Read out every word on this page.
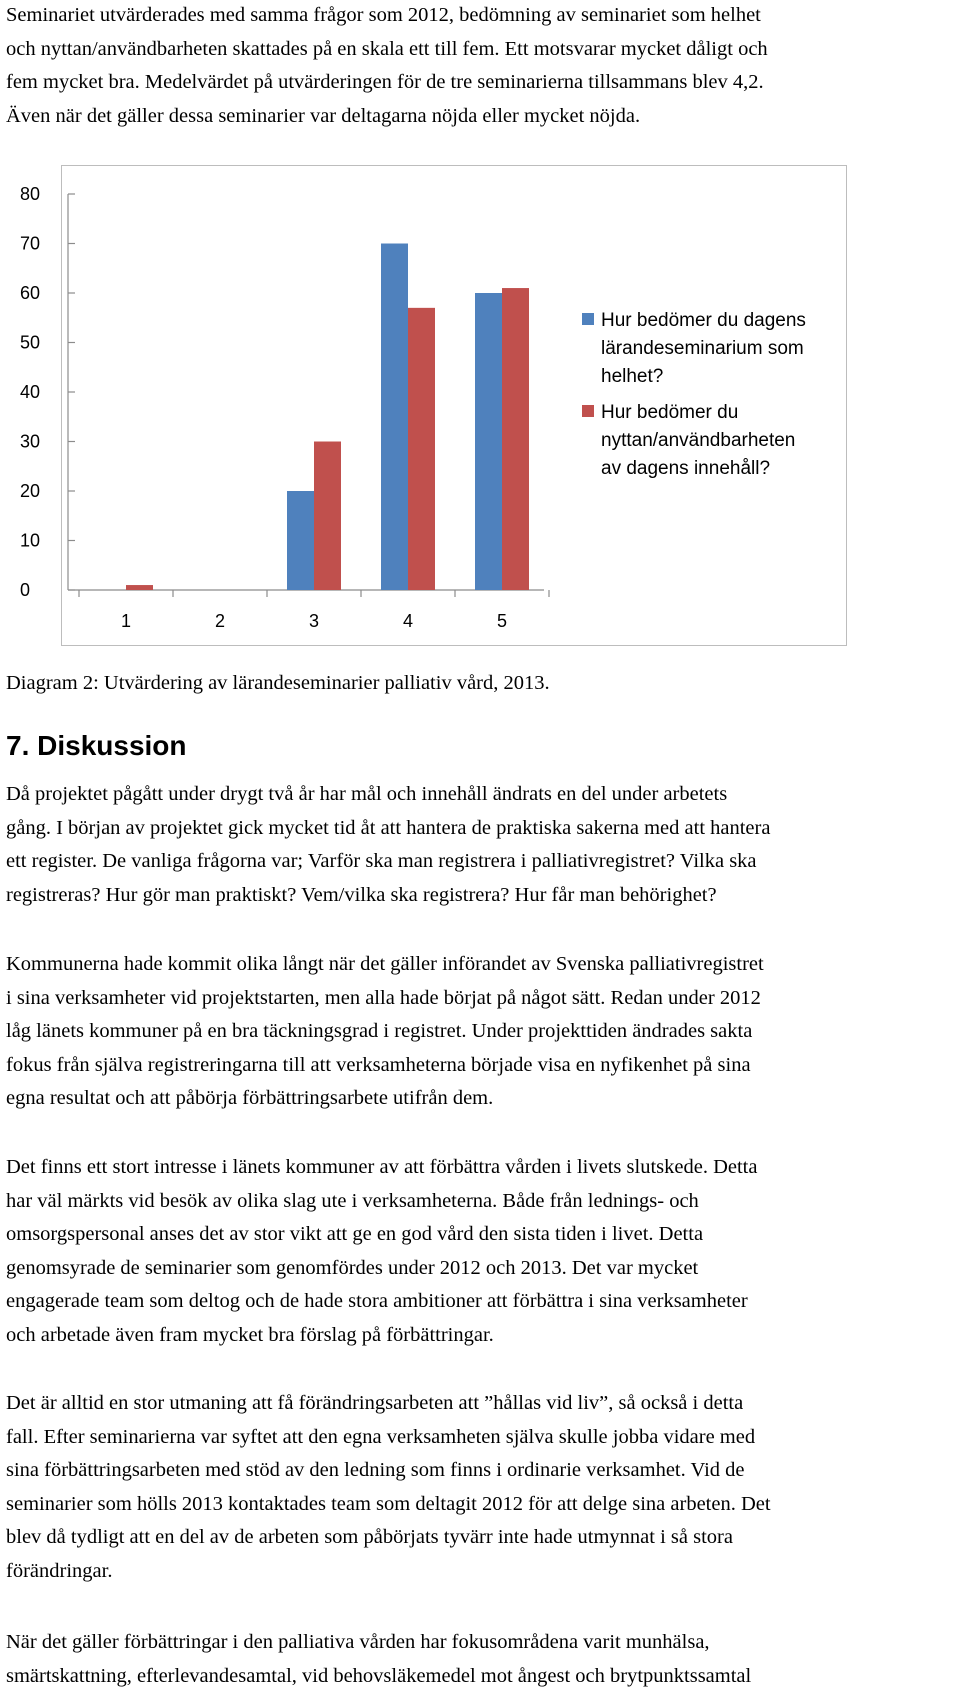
Seminariet utvärderades med samma frågor som 2012, bedömning av seminariet som helhet
och nyttan/användbarheten skattades på en skala ett till fem. Ett motsvarar mycket dåligt och
fem mycket bra. Medelvärdet på utvärderingen för de tre seminarierna tillsammans blev 4,2.
Även när det gäller dessa seminarier var deltagarna nöjda eller mycket nöjda.

0
10
20
30
40
50
60
70
80
1	2	3	4	5
Hur bedömer du dagens
lärandeseminarium som
helhet?
Hur bedömer du
nyttan/användbarheten
av dagens innehåll?

Diagram 2: Utvärdering av lärandeseminarier palliativ vård, 2013.

7. Diskussion

Då projektet pågått under drygt två år har mål och innehåll ändrats en del under arbetets
gång. I början av projektet gick mycket tid åt att hantera de praktiska sakerna med att hantera
ett register. De vanliga frågorna var; Varför ska man registrera i palliativregistret? Vilka ska
registreras? Hur gör man praktiskt? Vem/vilka ska registrera? Hur får man behörighet?

Kommunerna hade kommit olika långt när det gäller införandet av Svenska palliativregistret
i sina verksamheter vid projektstarten, men alla hade börjat på något sätt. Redan under 2012
låg länets kommuner på en bra täckningsgrad i registret. Under projekttiden ändrades sakta
fokus från själva registreringarna till att verksamheterna började visa en nyfikenhet på sina
egna resultat och att påbörja förbättringsarbete utifrån dem.

Det finns ett stort intresse i länets kommuner av att förbättra vården i livets slutskede. Detta
har väl märkts vid besök av olika slag ute i verksamheterna. Både från lednings- och
omsorgspersonal anses det av stor vikt att ge en god vård den sista tiden i livet. Detta
genomsyrade de seminarier som genomfördes under 2012 och 2013. Det var mycket
engagerade team som deltog och de hade stora ambitioner att förbättra i sina verksamheter
och arbetade även fram mycket bra förslag på förbättringar.

Det är alltid en stor utmaning att få förändringsarbeten att ”hållas vid liv”, så också i detta
fall. Efter seminarierna var syftet att den egna verksamheten själva skulle jobba vidare med
sina förbättringsarbeten med stöd av den ledning som finns i ordinarie verksamhet. Vid de
seminarier som hölls 2013 kontaktades team som deltagit 2012 för att delge sina arbeten. Det
blev då tydligt att en del av de arbeten som påbörjats tyvärr inte hade utmynnat i så stora
förändringar.

När det gäller förbättringar i den palliativa vården har fokusområdena varit munhälsa,
smärtskattning, efterlevandesamtal, vid behovsläkemedel mot ångest och brytpunktssamtal
